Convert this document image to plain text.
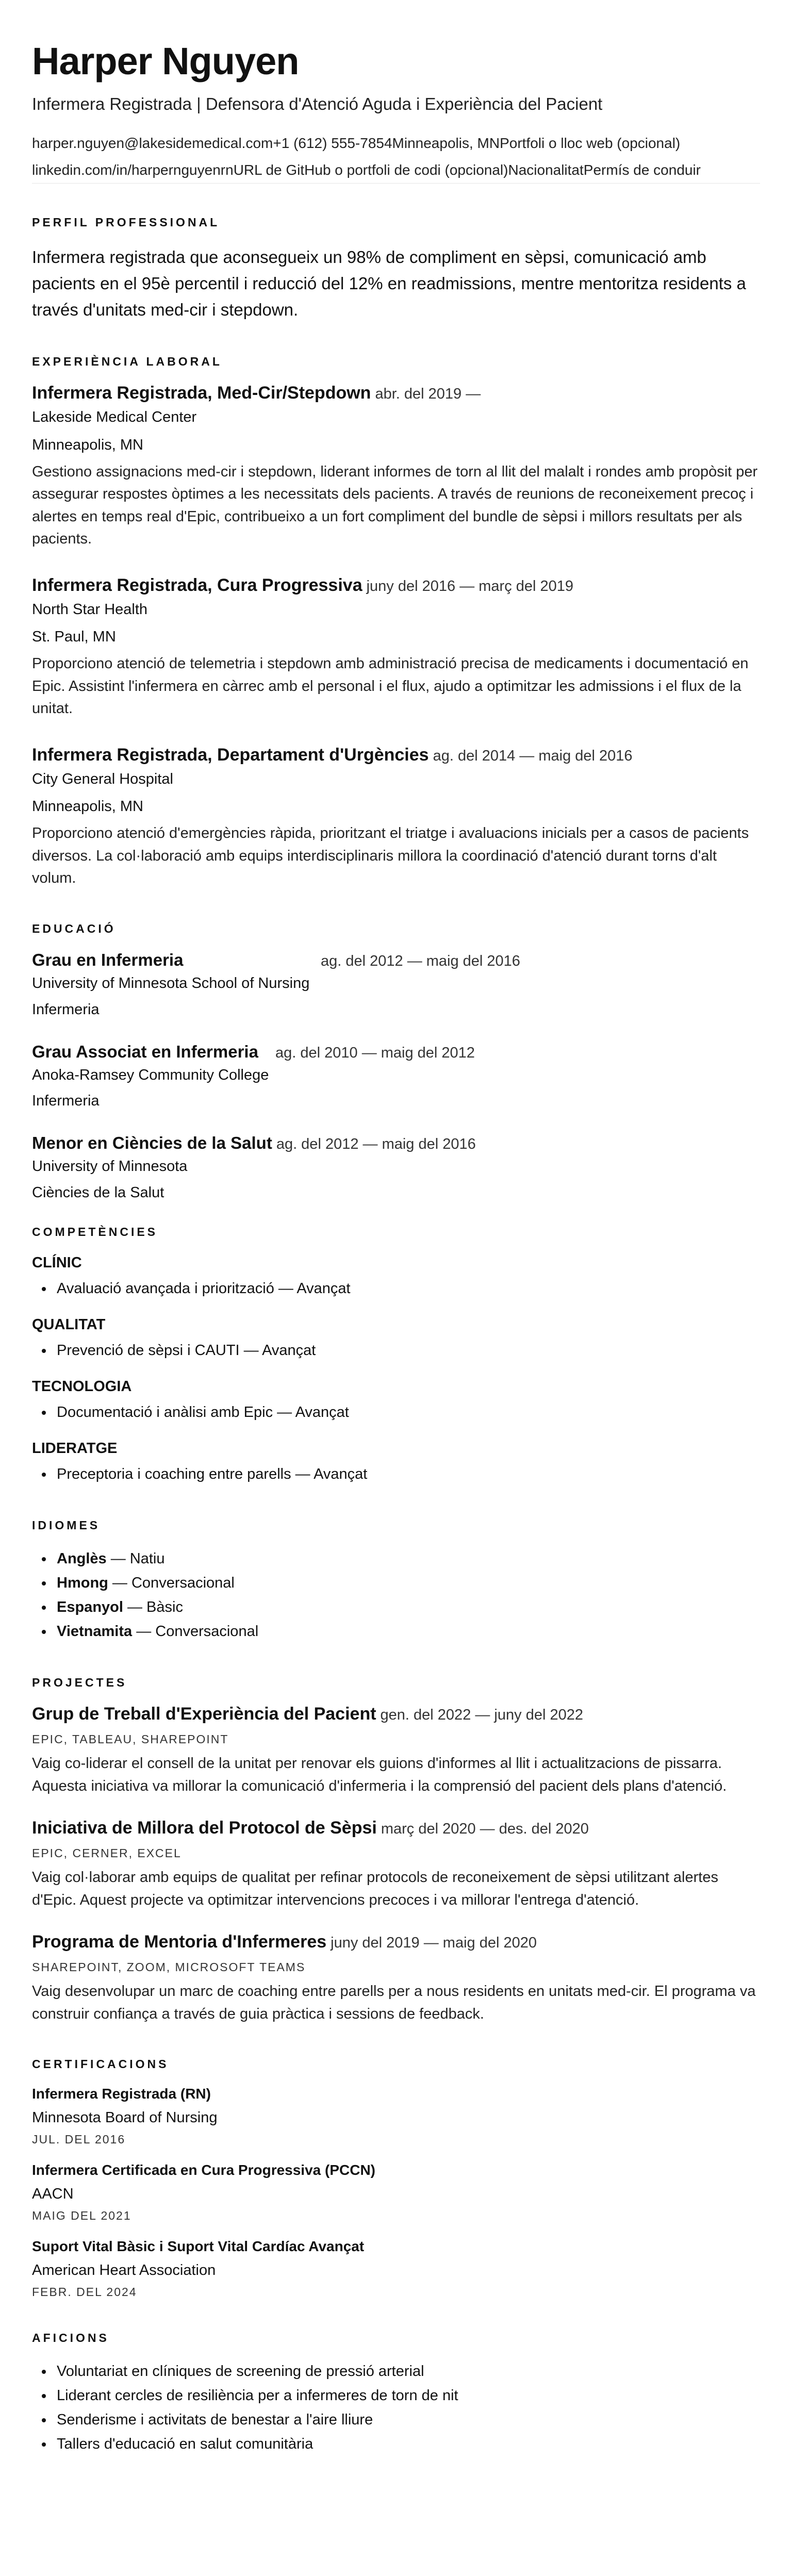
Harper Nguyen
Infermera Registrada | Defensora d'Atenció Aguda i Experiència del Pacient
harper.nguyen@lakesidemedical.com +1 (612) 555-7854 Minneapolis, MN Portfoli o lloc web (opcional)
linkedin.com/in/harpernguyenrn URL de GitHub o portfoli de codi (opcional) Nacionalitat Permís de conduir
PERFIL PROFESSIONAL
Infermera registrada que aconsegueix un 98% de compliment en sèpsi, comunicació amb pacients en el 95è percentil i reducció del 12% en readmissions, mentre mentoritza residents a través d'unitats med-cir i stepdown.
EXPERIÈNCIA LABORAL
Infermera Registrada, Med-Cir/Stepdown abr. del 2019 —
Lakeside Medical Center
Minneapolis, MN
Gestiono assignacions med-cir i stepdown, liderant informes de torn al llit del malalt i rondes amb propòsit per assegurar respostes òptimes a les necessitats dels pacients. A través de reunions de reconeixement precoç i alertes en temps real d'Epic, contribueixo a un fort compliment del bundle de sèpsi i millors resultats per als pacients.
Infermera Registrada, Cura Progressiva juny del 2016 — març del 2019
North Star Health
St. Paul, MN
Proporciono atenció de telemetria i stepdown amb administració precisa de medicaments i documentació en Epic. Assistint l'infermera en càrrec amb el personal i el flux, ajudo a optimitzar les admissions i el flux de la unitat.
Infermera Registrada, Departament d'Urgències ag. del 2014 — maig del 2016
City General Hospital
Minneapolis, MN
Proporciono atenció d'emergències ràpida, prioritzant el triatge i avaluacions inicials per a casos de pacients diversos. La col·laboració amb equips interdisciplinaris millora la coordinació d'atenció durant torns d'alt volum.
EDUCACIÓ
Grau en Infermeria	ag. del 2012 — maig del 2016
University of Minnesota School of Nursing
Infermeria
Grau Associat en Infermeria	ag. del 2010 — maig del 2012
Anoka-Ramsey Community College
Infermeria
Menor en Ciències de la Salut ag. del 2012 — maig del 2016
University of Minnesota
Ciències de la Salut
COMPETÈNCIES
CLÍNIC
• Avaluació avançada i priorització — Avançat
QUALITAT
• Prevenció de sèpsi i CAUTI — Avançat
TECNOLOGIA
• Documentació i anàlisi amb Epic — Avançat
LIDERATGE
• Preceptoria i coaching entre parells — Avançat
IDIOMES
• Anglès — Natiu
• Hmong — Conversacional
• Espanyol — Bàsic
• Vietnamita — Conversacional
PROJECTES
Grup de Treball d'Experiència del Pacient gen. del 2022 — juny del 2022
EPIC, TABLEAU, SHAREPOINT
Vaig co-liderar el consell de la unitat per renovar els guions d'informes al llit i actualitzacions de pissarra. Aquesta iniciativa va millorar la comunicació d'infermeria i la comprensió del pacient dels plans d'atenció.
Iniciativa de Millora del Protocol de Sèpsi març del 2020 — des. del 2020
EPIC, CERNER, EXCEL
Vaig col·laborar amb equips de qualitat per refinar protocols de reconeixement de sèpsi utilitzant alertes d'Epic. Aquest projecte va optimitzar intervencions precoces i va millorar l'entrega d'atenció.
Programa de Mentoria d'Infermeres juny del 2019 — maig del 2020
SHAREPOINT, ZOOM, MICROSOFT TEAMS
Vaig desenvolupar un marc de coaching entre parells per a nous residents en unitats med-cir. El programa va construir confiança a través de guia pràctica i sessions de feedback.
CERTIFICACIONS
Infermera Registrada (RN)
Minnesota Board of Nursing
JUL. DEL 2016
Infermera Certificada en Cura Progressiva (PCCN)
AACN
MAIG DEL 2021
Suport Vital Bàsic i Suport Vital Cardíac Avançat
American Heart Association
FEBR. DEL 2024
AFICIONS
• Voluntariat en clíniques de screening de pressió arterial
• Liderant cercles de resiliència per a infermeres de torn de nit
• Senderisme i activitats de benestar a l'aire lliure
• Tallers d'educació en salut comunitària
